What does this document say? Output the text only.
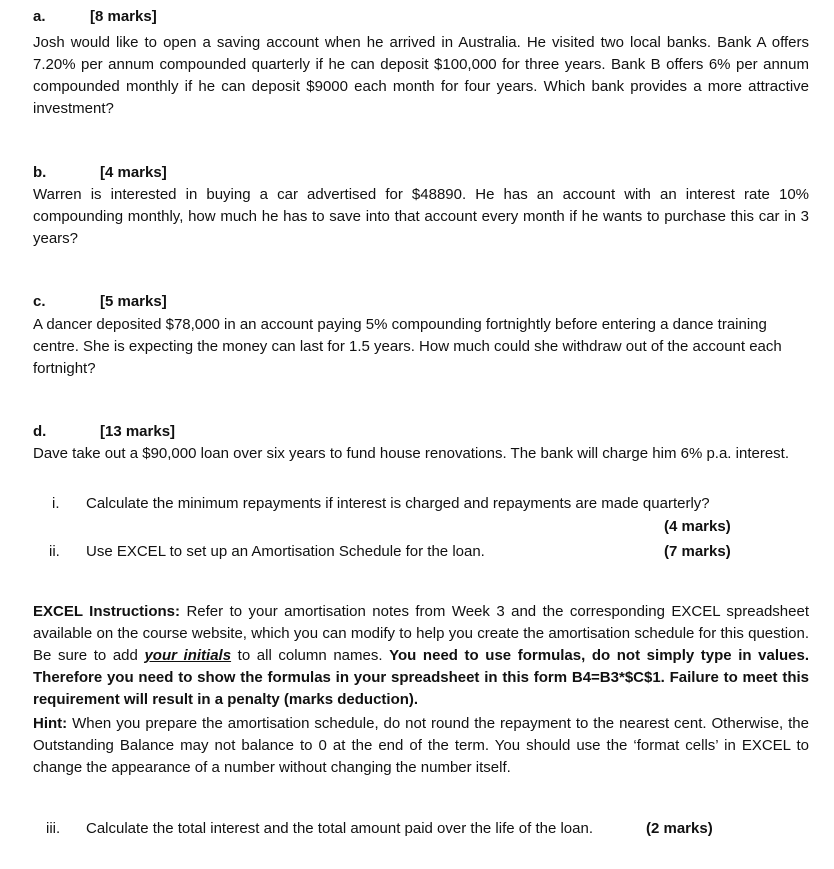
a.	[8 marks]
Josh would like to open a saving account when he arrived in Australia. He visited two local banks. Bank A offers 7.20% per annum compounded quarterly if he can deposit $100,000 for three years. Bank B offers 6% per annum compounded monthly if he can deposit $9000 each month for four years. Which bank provides a more attractive investment?
b.	[4 marks]
Warren is interested in buying a car advertised for $48890. He has an account with an interest rate 10% compounding monthly, how much he has to save into that account every month if he wants to purchase this car in 3 years?
c.	[5 marks]
A dancer deposited $78,000 in an account paying 5% compounding fortnightly before entering a dance training centre. She is expecting the money can last for 1.5 years. How much could she withdraw out of the account each fortnight?
d.	[13 marks]
Dave take out a $90,000 loan over six years to fund house renovations. The bank will charge him 6% p.a. interest.
i. Calculate the minimum repayments if interest is charged and repayments are made quarterly?
(4 marks)
ii. Use EXCEL to set up an Amortisation Schedule for the loan.	(7 marks)
EXCEL Instructions: Refer to your amortisation notes from Week 3 and the corresponding EXCEL spreadsheet available on the course website, which you can modify to help you create the amortisation schedule for this question. Be sure to add your initials to all column names. You need to use formulas, do not simply type in values. Therefore you need to show the formulas in your spreadsheet in this form B4=B3*$C$1. Failure to meet this requirement will result in a penalty (marks deduction).
Hint: When you prepare the amortisation schedule, do not round the repayment to the nearest cent. Otherwise, the Outstanding Balance may not balance to 0 at the end of the term. You should use the ‘format cells’ in EXCEL to change the appearance of a number without changing the number itself.
iii. Calculate the total interest and the total amount paid over the life of the loan.	(2 marks)
